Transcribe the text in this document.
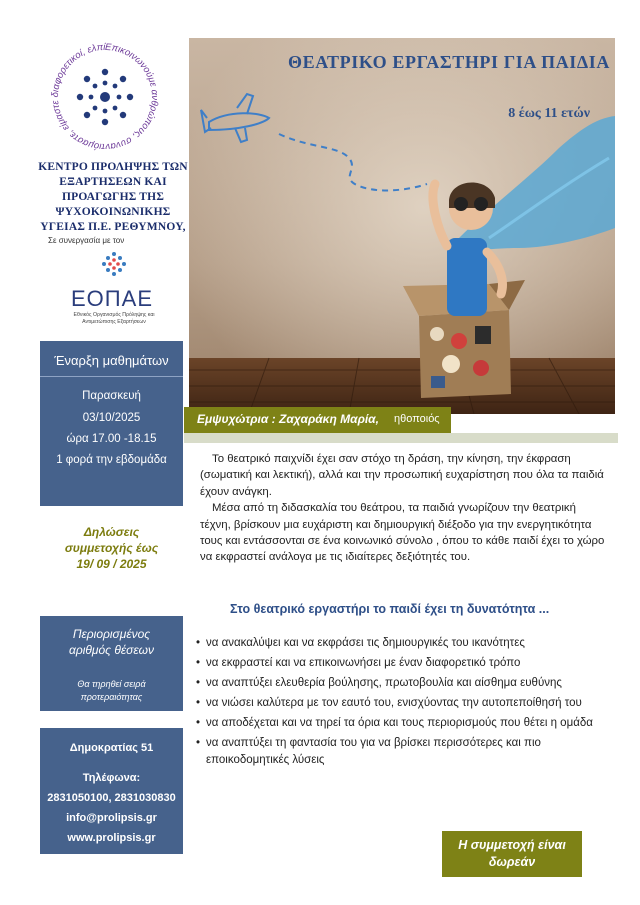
Επικοινωνούμε ανθρώπους, συναντιόμαστε, είμαστε διαφορετικοί, ελπί
ΚΕΝΤΡΟ ΠΡΟΛΗΨΗΣ ΤΩΝ ΕΞΑΡΤΗΣΕΩΝ ΚΑΙ ΠΡΟΑΓΩΓΗΣ ΤΗΣ ΨΥΧΟΚΟΙΝΩΝΙΚΗΣ ΥΓΕΙΑΣ Π.Ε. ΡΕΘΥΜΝΟΥ,
Σε συνεργασία με τον
ΕΟΠΑΕ
Εθνικός Οργανισμός Πρόληψης και Αντιμετώπισης Εξαρτήσεων
Έναρξη μαθημάτων
Παρασκευή
03/10/2025
ώρα 17.00 -18.15
1 φορά την εβδομάδα
Δηλώσεις
συμμετοχής έως
19/ 09 / 2025
Περιορισμένος
αριθμός θέσεων
Θα τηρηθεί σειρά
προτεραιότητας
Δημοκρατίας 51
Τηλέφωνα:
2831050100, 2831030830
info@prolipsis.gr
www.prolipsis.gr
ΘΕΑΤΡΙΚΟ ΕΡΓΑΣΤΗΡΙ ΓΙΑ ΠΑΙΔΙΑ
8 έως 11 ετών
Εμψυχώτρια : Ζαχαράκη Μαρία, ηθοποιός

Το θεατρικό παιχνίδι έχει σαν στόχο τη δράση, την κίνηση, την έκφραση (σωματική και λεκτική), αλλά και την προσωπική ευχαρίστηση που όλα τα παιδιά έχουν ανάγκη.

Μέσα από τη διδασκαλία του θεάτρου, τα παιδιά γνωρίζουν την θεατρική τέχνη, βρίσκουν μια ευχάριστη και δημιουργική διέξοδο για την ενεργητικότητα τους και εντάσσονται σε ένα κοινωνικό σύνολο , όπου το κάθε παιδί έχει το χώρο να εκφραστεί ανάλογα με τις ιδιαίτερες δεξιότητές του.

Στο θεατρικό εργαστήρι το παιδί έχει τη δυνατότητα ...
• να ανακαλύψει και να εκφράσει τις δημιουργικές του ικανότητες
• να εκφραστεί και να επικοινωνήσει με έναν διαφορετικό τρόπο
• να αναπτύξει ελευθερία βούλησης, πρωτοβουλία και αίσθημα ευθύνης
• να νιώσει καλύτερα με τον εαυτό του, ενισχύοντας την αυτοπεποίθησή του
• να αποδέχεται και να τηρεί τα όρια και τους περιορισμούς που θέτει η ομάδα
• να αναπτύξει τη φαντασία του για να βρίσκει περισσότερες και πιο εποικοδομητικές λύσεις
Η συμμετοχή είναι
δωρεάν
